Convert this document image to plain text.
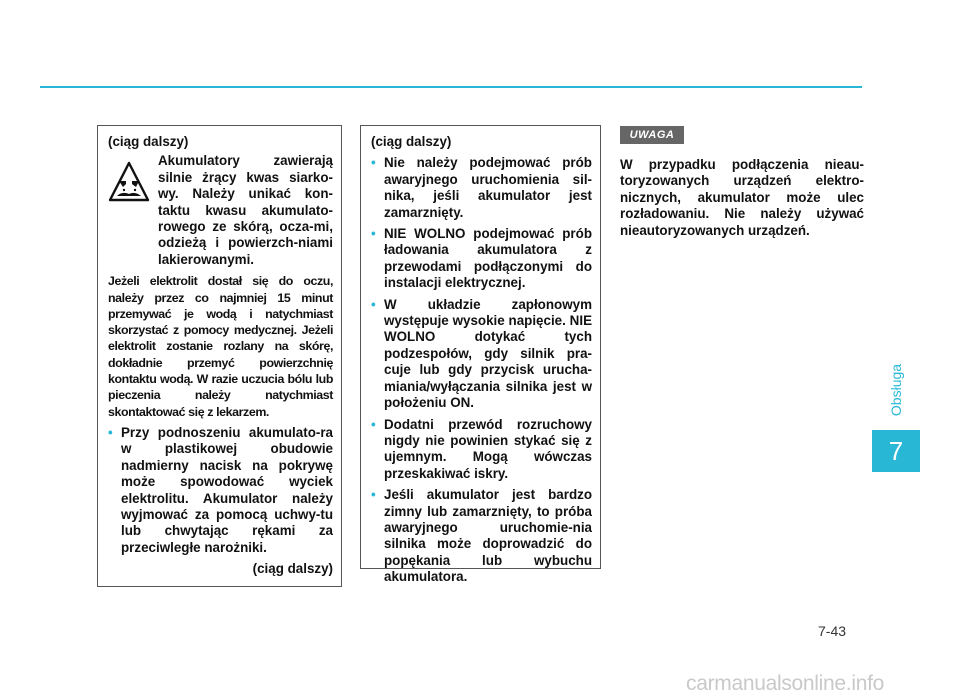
(ciąg dalszy)
Akumulatory zawierają silnie żrący kwas siarko-wy. Należy unikać kon-taktu kwasu akumulato-rowego ze skórą, ocza-mi, odzieżą i powierzch-niami lakierowanymi.
Jeżeli elektrolit dostał się do oczu, należy przez co najmniej 15 minut przemywać je wodą i natychmiast skorzystać z pomocy medycznej. Jeżeli elektrolit zostanie rozlany na skórę, dokładnie przemyć powierzchnię kontaktu wodą. W razie uczucia bólu lub pieczenia należy natychmiast skontaktować się z lekarzem.
• Przy podnoszeniu akumulato-ra w plastikowej obudowie nadmierny nacisk na pokrywę może spowodować wyciek elektrolitu. Akumulator należy wyjmować za pomocą uchwy-tu lub chwytając rękami za przeciwległe narożniki.
(ciąg dalszy)
(ciąg dalszy)
• Nie należy podejmować prób awaryjnego uruchomienia sil-nika, jeśli akumulator jest zamarznięty.
• NIE WOLNO podejmować prób ładowania akumulatora z przewodami podłączonymi do instalacji elektrycznej.
• W układzie zapłonowym występuje wysokie napięcie. NIE WOLNO dotykać tych podzespołów, gdy silnik pra-cuje lub gdy przycisk urucha-miania/wyłączania silnika jest w położeniu ON.
• Dodatni przewód rozruchowy nigdy nie powinien stykać się z ujemnym. Mogą wówczas przeskakiwać iskry.
• Jeśli akumulator jest bardzo zimny lub zamarznięty, to próba awaryjnego uruchomie-nia silnika może doprowadzić do popękania lub wybuchu akumulatora.
UWAGA
W przypadku podłączenia nieau-toryzowanych urządzeń elektro-nicznych, akumulator może ulec rozładowaniu. Nie należy używać nieautoryzowanych urządzeń.
Obsługa
7
7-43
carmanualsonline.info
